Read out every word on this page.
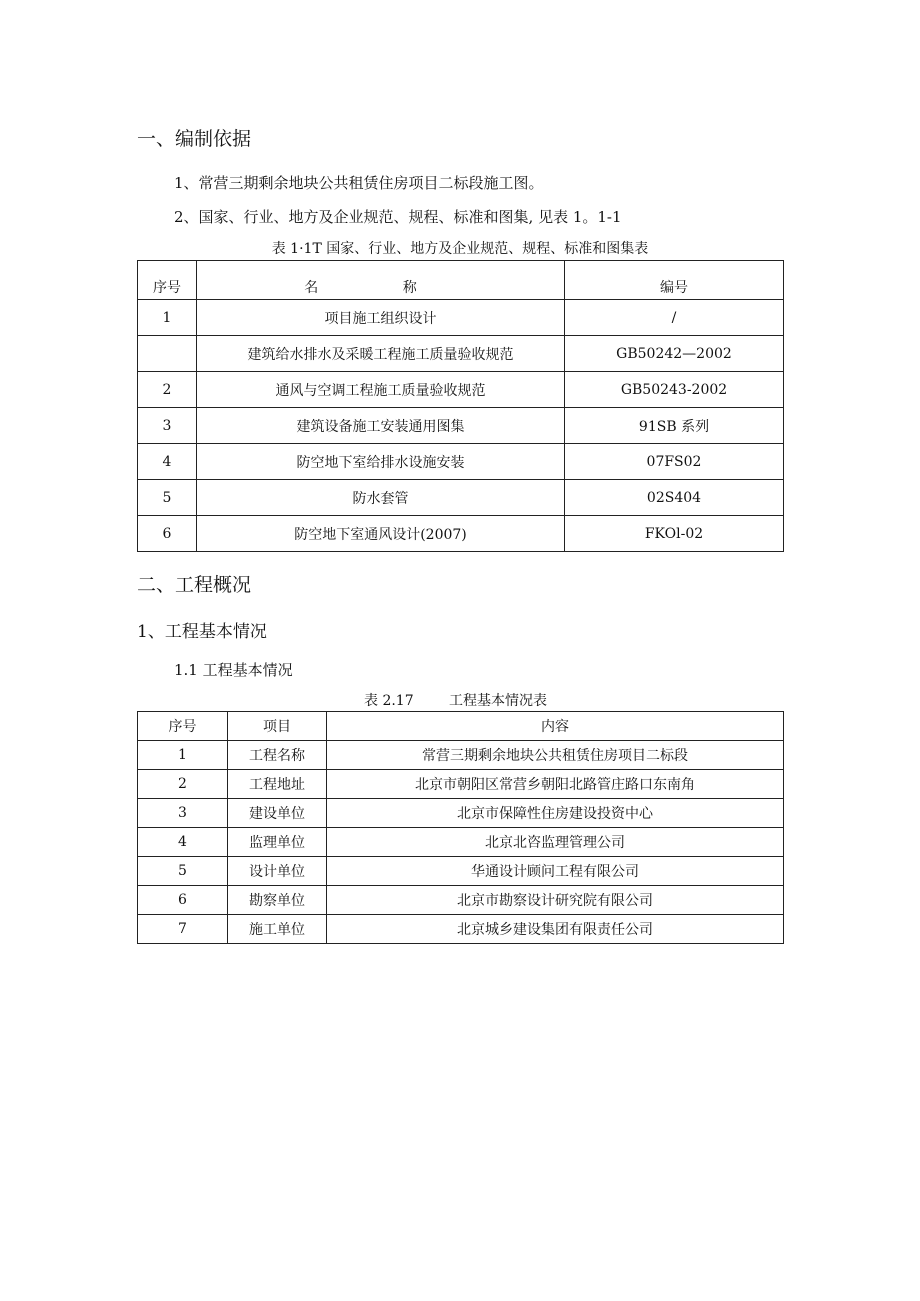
一、编制依据
1、常营三期剩余地块公共租赁住房项目二标段施工图。
2、国家、行业、地方及企业规范、规程、标准和图集, 见表 1。1-1
表 1·1T 国家、行业、地方及企业规范、规程、标准和图集表
序号	名 称	编号
1	项目施工组织设计	/
	建筑给水排水及采暖工程施工质量验收规范	GB50242—2002
2	通风与空调工程施工质量验收规范	GB50243-2002
3	建筑设备施工安装通用图集	91SB 系列
4	防空地下室给排水设施安装	07FS02
5	防水套管	02S404
6	防空地下室通风设计(2007)	FKOl-02
二、工程概况
1、工程基本情况
1.1 工程基本情况
表 2.17	工程基本情况表
序号	项目	内容
1	工程名称	常营三期剩余地块公共租赁住房项目二标段
2	工程地址	北京市朝阳区常营乡朝阳北路管庄路口东南角
3	建设单位	北京市保障性住房建设投资中心
4	监理单位	北京北咨监理管理公司
5	设计单位	华通设计顾问工程有限公司
6	勘察单位	北京市勘察设计研究院有限公司
7	施工单位	北京城乡建设集团有限责任公司
